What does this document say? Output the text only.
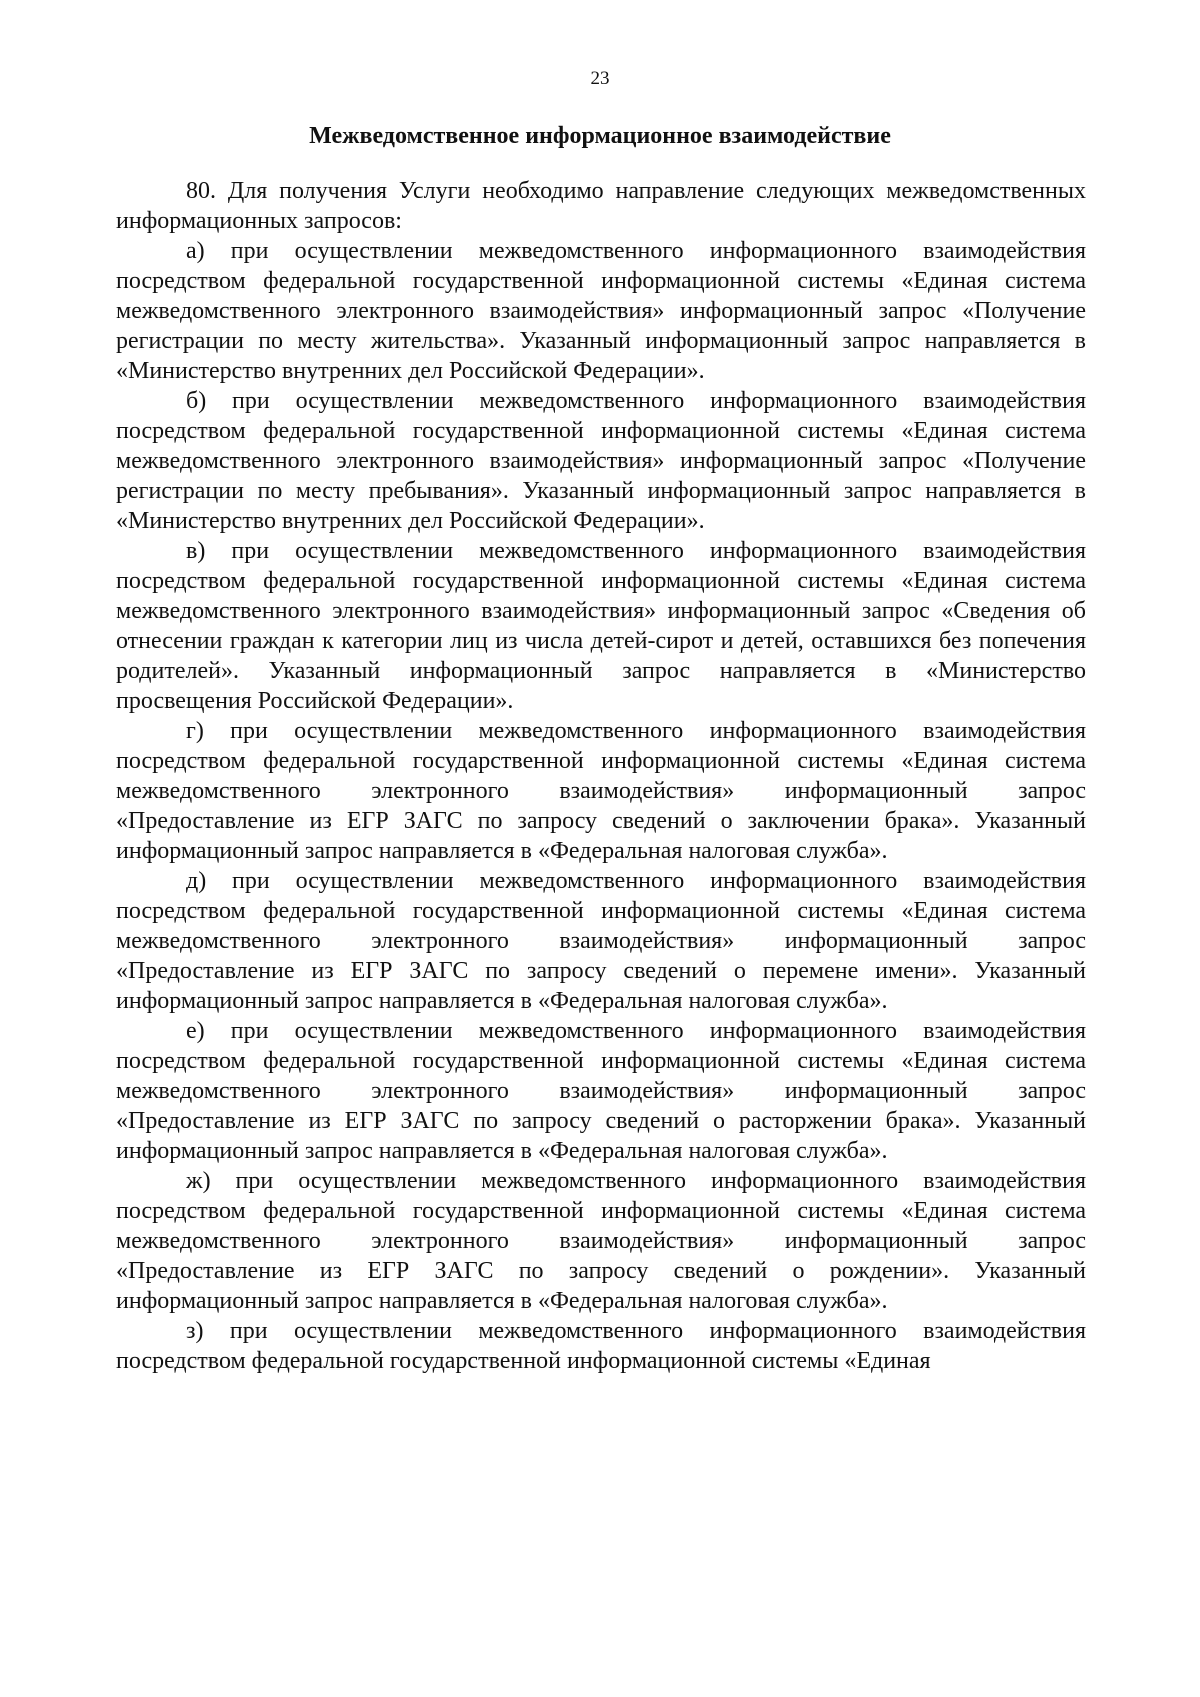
23
Межведомственное информационное взаимодействие

80. Для получения Услуги необходимо направление следующих межведомственных информационных запросов:

а) при осуществлении межведомственного информационного взаимодействия посредством федеральной государственной информационной системы «Единая система межведомственного электронного взаимодействия» информационный запрос «Получение регистрации по месту жительства». Указанный информационный запрос направляется в «Министерство внутренних дел Российской Федерации».

б) при осуществлении межведомственного информационного взаимодействия посредством федеральной государственной информационной системы «Единая система межведомственного электронного взаимодействия» информационный запрос «Получение регистрации по месту пребывания». Указанный информационный запрос направляется в «Министерство внутренних дел Российской Федерации».

в) при осуществлении межведомственного информационного взаимодействия посредством федеральной государственной информационной системы «Единая система межведомственного электронного взаимодействия» информационный запрос «Сведения об отнесении граждан к категории лиц из числа детей-сирот и детей, оставшихся без попечения родителей». Указанный информационный запрос направляется в «Министерство просвещения Российской Федерации».

г) при осуществлении межведомственного информационного взаимодействия посредством федеральной государственной информационной системы «Единая система межведомственного электронного взаимодействия» информационный запрос «Предоставление из ЕГР ЗАГС по запросу сведений о заключении брака». Указанный информационный запрос направляется в «Федеральная налоговая служба».

д) при осуществлении межведомственного информационного взаимодействия посредством федеральной государственной информационной системы «Единая система межведомственного электронного взаимодействия» информационный запрос «Предоставление из ЕГР ЗАГС по запросу сведений о перемене имени». Указанный информационный запрос направляется в «Федеральная налоговая служба».

е) при осуществлении межведомственного информационного взаимодействия посредством федеральной государственной информационной системы «Единая система межведомственного электронного взаимодействия» информационный запрос «Предоставление из ЕГР ЗАГС по запросу сведений о расторжении брака». Указанный информационный запрос направляется в «Федеральная налоговая служба».

ж) при осуществлении межведомственного информационного взаимодействия посредством федеральной государственной информационной системы «Единая система межведомственного электронного взаимодействия» информационный запрос «Предоставление из ЕГР ЗАГС по запросу сведений о рождении». Указанный информационный запрос направляется в «Федеральная налоговая служба».

з) при осуществлении межведомственного информационного взаимодействия посредством федеральной государственной информационной системы «Единая
